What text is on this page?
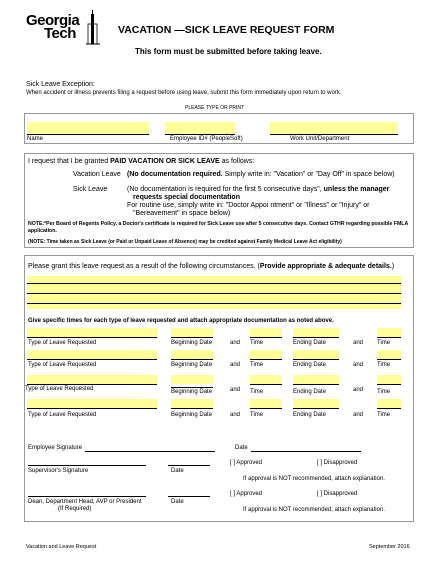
Georgia
Tech	VACATION —SICK LEAVE REQUEST FORM
This form must be submitted before taking leave.
Sick Leave Exception:
When accident or illness prevents filing a request before using leave, submit this form immediately upon return to work.
PLEASE TYPE OR PRINT
Name	Employee ID# (PeopleSoft)	Work Unit/Department
I request that I be granted PAID VACATION OR SICK LEAVE as follows:
Vacation Leave (No documentation required. Simply write in: "Vacation" or "Day Off" in space below)
Sick Leave	(No documentation is required for the first 5 consecutive days", unless the manager
requests special documentation
For routine use, simply write in: "Doctor Appoi ntment" or "Illness" or "Injury" or
"Bereavement" in space below)
NOTE:*Per Board of Regents Policy, a Doctor's certificate is required for Sick Leave use after 5 consecutive days. Contact GTHR regarding possible FMLA application.
(NOTE: Time taken as Sick Leave (or Paid or Unpaid Leave of Absence) may be credited against Family Medical Leave Act eligibility)
Please grant this leave request as a result of the following circumstances. (Provide appropriate & adequate details.)
Give specific times for each type of leave requested and attach appropriate documentation as noted above.
Type of Leave Requested	Beginning Date	and Time	Ending Date	and Time
Type of Leave Requested	Beginning Date	and Time	Ending Date	and Time
Type of Leave Requested	Beginning Date	and Time	Ending Date	and Time
Type of Leave Requested	Beginning Date	and Time	Ending Date	and Time
Employee Signature	Date
[ ] Approved	[ ] Disapproved
Supervisor's Signature	Date
If approval is NOT recommended, attach explanation.
[ ] Approved	[ ] Disapproved
Dean, Department Head, AVP or President
(If Required)
Date
If approval is NOT recommended, attach explanation.
Vacation and Leave Request	September 2016
